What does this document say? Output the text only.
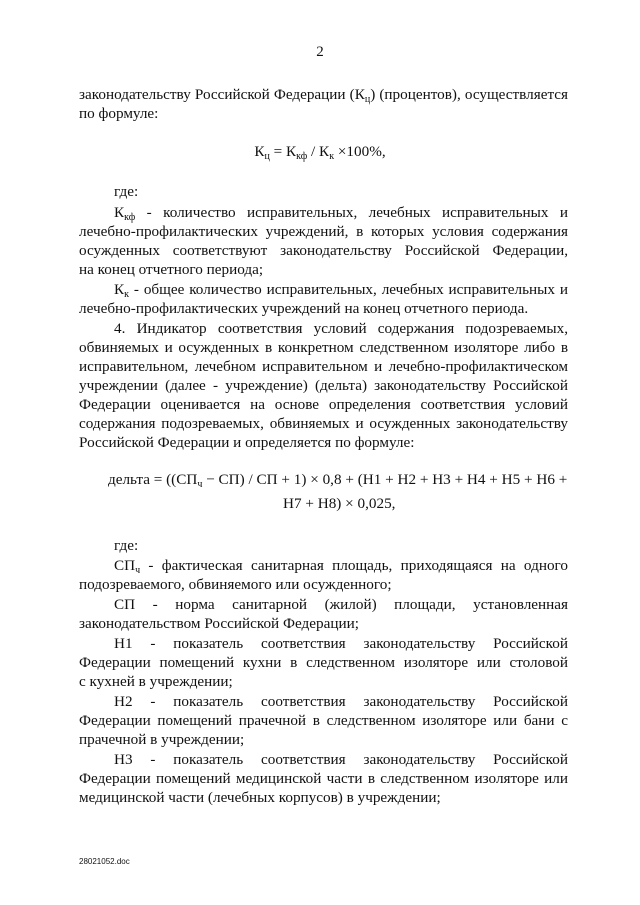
2
законодательству Российской Федерации $(К_ц)$ (процентов), осуществляется
по формуле:
$К_ц = К_{кф} / К_к \times 100\%$,
где:
$К_{кф}$ - количество исправительных, лечебных исправительных и
лечебно-профилактических учреждений, в которых условия содержания
осужденных соответствуют законодательству Российской Федерации,
на конец отчетного периода;
$К_к$ - общее количество исправительных, лечебных исправительных и
лечебно-профилактических учреждений на конец отчетного периода.
4. Индикатор соответствия условий содержания подозреваемых,
обвиняемых и осужденных в конкретном следственном изоляторе либо в
исправительном, лечебном исправительном и лечебно-профилактическом
учреждении (далее - учреждение) (дельта) законодательству Российской
Федерации оценивается на основе определения соответствия условий
содержания подозреваемых, обвиняемых и осужденных законодательству
Российской Федерации и определяется по формуле:
дельта = ($(СП_ч - СП)$ / СП + 1) × 0,8 + (Н1 + Н2 + Н3 + Н4 + Н5 + Н6 +
Н7 + Н8) × 0,025,
где:
$СП_ч$ - фактическая санитарная площадь, приходящаяся на одного
подозреваемого, обвиняемого или осужденного;
СП - норма санитарной (жилой) площади, установленная
законодательством Российской Федерации;
Н1 - показатель соответствия законодательству Российской
Федерации помещений кухни в следственном изоляторе или столовой
с кухней в учреждении;
Н2 - показатель соответствия законодательству Российской
Федерации помещений прачечной в следственном изоляторе или бани с
прачечной в учреждении;
Н3 - показатель соответствия законодательству Российской
Федерации помещений медицинской части в следственном изоляторе или
медицинской части (лечебных корпусов) в учреждении;
28021052.doc
